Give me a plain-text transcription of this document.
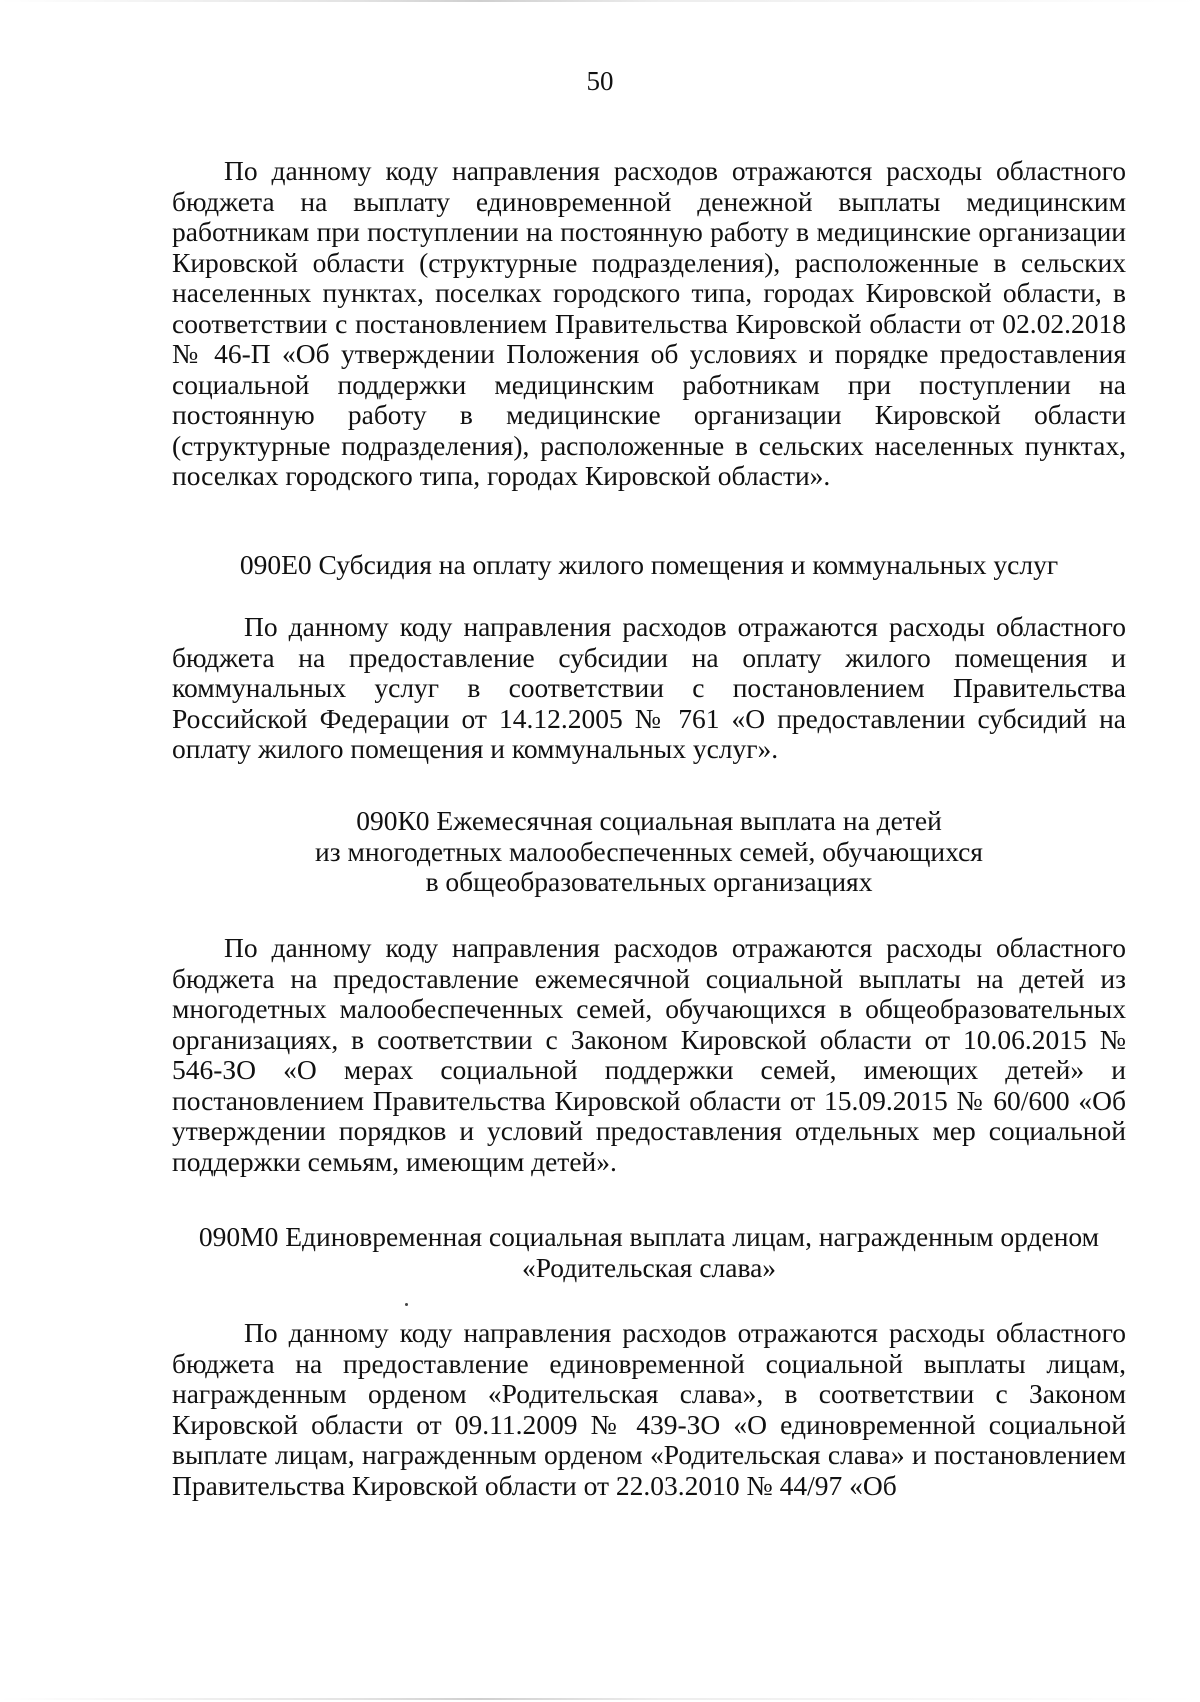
50

По данному коду направления расходов отражаются расходы областного бюджета на выплату единовременной денежной выплаты медицинским работникам при поступлении на постоянную работу в медицинские организации Кировской области (структурные подразделения), расположенные в сельских населенных пунктах, поселках городского типа, городах Кировской области, в соответствии с постановлением Правительства Кировской области от 02.02.2018 № 46-П «Об утверждении Положения об условиях и порядке предоставления социальной поддержки медицинским работникам при поступлении на постоянную работу в медицинские организации Кировской области (структурные подразделения), расположенные в сельских населенных пунктах, поселках городского типа, городах Кировской области».

090Е0 Субсидия на оплату жилого помещения и коммунальных услуг

По данному коду направления расходов отражаются расходы областного бюджета на предоставление субсидии на оплату жилого помещения и коммунальных услуг в соответствии с постановлением Правительства Российской Федерации от 14.12.2005 № 761 «О предоставлении субсидий на оплату жилого помещения и коммунальных услуг».

090К0 Ежемесячная социальная выплата на детей
из многодетных малообеспеченных семей, обучающихся
в общеобразовательных организациях

По данному коду направления расходов отражаются расходы областного бюджета на предоставление ежемесячной социальной выплаты на детей из многодетных малообеспеченных семей, обучающихся в общеобразовательных организациях, в соответствии с Законом Кировской области от 10.06.2015 № 546-ЗО «О мерах социальной поддержки семей, имеющих детей» и постановлением Правительства Кировской области от 15.09.2015 № 60/600 «Об утверждении порядков и условий предоставления отдельных мер социальной поддержки семьям, имеющим детей».

090М0 Единовременная социальная выплата лицам, награжденным орденом
«Родительская слава»

По данному коду направления расходов отражаются расходы областного бюджета на предоставление единовременной социальной выплаты лицам, награжденным орденом «Родительская слава», в соответствии с Законом Кировской области от 09.11.2009 № 439-ЗО «О единовременной социальной выплате лицам, награжденным орденом «Родительская слава» и постановлением Правительства Кировской области от 22.03.2010 № 44/97 «Об
